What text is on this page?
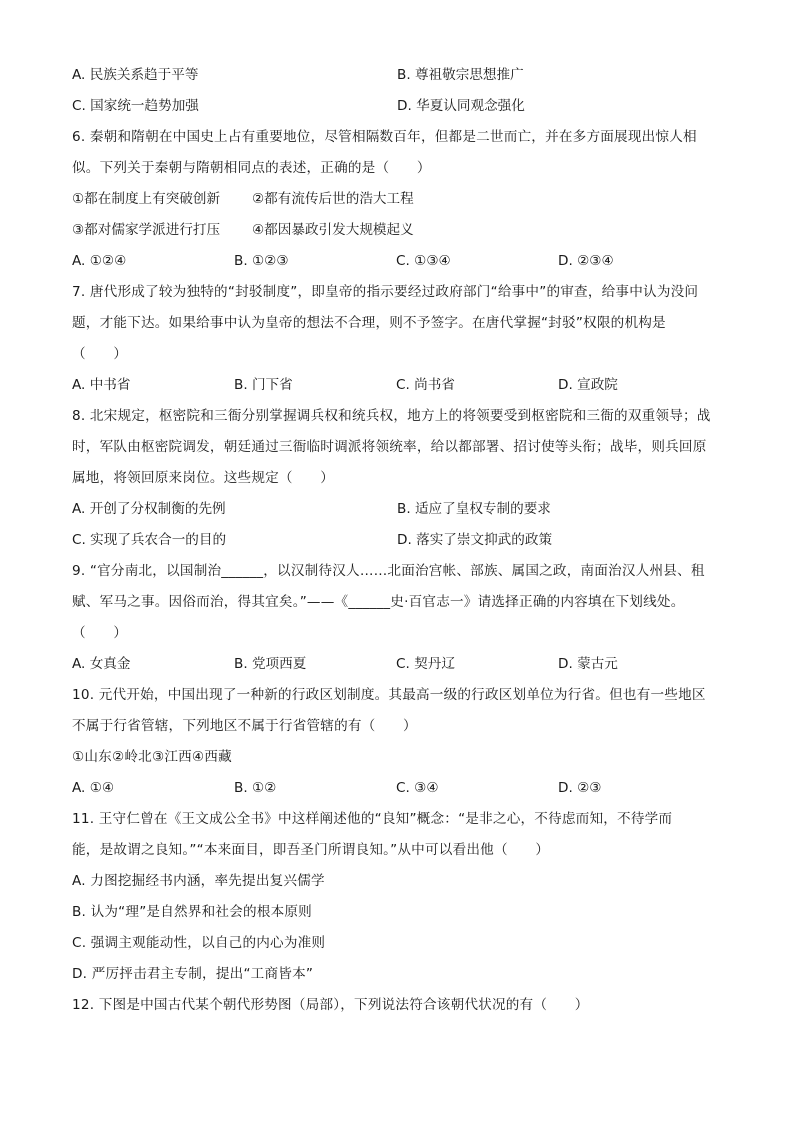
A. 民族关系趋于平等	B. 尊祖敬宗思想推广
C. 国家统一趋势加强	D. 华夏认同观念强化
6. 秦朝和隋朝在中国史上占有重要地位，尽管相隔数百年，但都是二世而亡，并在多方面展现出惊人相
似。下列关于秦朝与隋朝相同点的表述，正确的是（　　）
①都在制度上有突破创新	②都有流传后世的浩大工程
③都对儒家学派进行打压	④都因暴政引发大规模起义
A. ①②④	B. ①②③	C. ①③④	D. ②③④
7. 唐代形成了较为独特的“封驳制度”，即皇帝的指示要经过政府部门“给事中”的审查，给事中认为没问
题，才能下达。如果给事中认为皇帝的想法不合理，则不予签字。在唐代掌握“封驳”权限的机构是
（　　）
A. 中书省	B. 门下省	C. 尚书省	D. 宣政院
8. 北宋规定，枢密院和三衙分别掌握调兵权和统兵权，地方上的将领要受到枢密院和三衙的双重领导；战
时，军队由枢密院调发，朝廷通过三衙临时调派将领统率，给以都部署、招讨使等头衔；战毕，则兵回原
属地，将领回原来岗位。这些规定（　　）
A. 开创了分权制衡的先例	B. 适应了皇权专制的要求
C. 实现了兵农合一的目的	D. 落实了崇文抑武的政策
9. “官分南北，以国制治______，以汉制待汉人……北面治宫帐、部族、属国之政，南面治汉人州县、租
赋、军马之事。因俗而治，得其宜矣。”——《______史·百官志一》请选择正确的内容填在下划线处。
（　　）
A. 女真金	B. 党项西夏	C. 契丹辽	D. 蒙古元
10. 元代开始，中国出现了一种新的行政区划制度。其最高一级的行政区划单位为行省。但也有一些地区
不属于行省管辖，下列地区不属于行省管辖的有（　　）
①山东②岭北③江西④西藏
A. ①④	B. ①②	C. ③④	D. ②③
11. 王守仁曾在《王文成公全书》中这样阐述他的“良知”概念：“是非之心，不待虑而知，不待学而
能，是故谓之良知。”“本来面目，即吾圣门所谓良知。”从中可以看出他（　　）
A. 力图挖掘经书内涵，率先提出复兴儒学
B. 认为“理”是自然界和社会的根本原则
C. 强调主观能动性，以自己的内心为准则
D. 严厉抨击君主专制，提出“工商皆本”
12. 下图是中国古代某个朝代形势图（局部），下列说法符合该朝代状况的有（　　）
